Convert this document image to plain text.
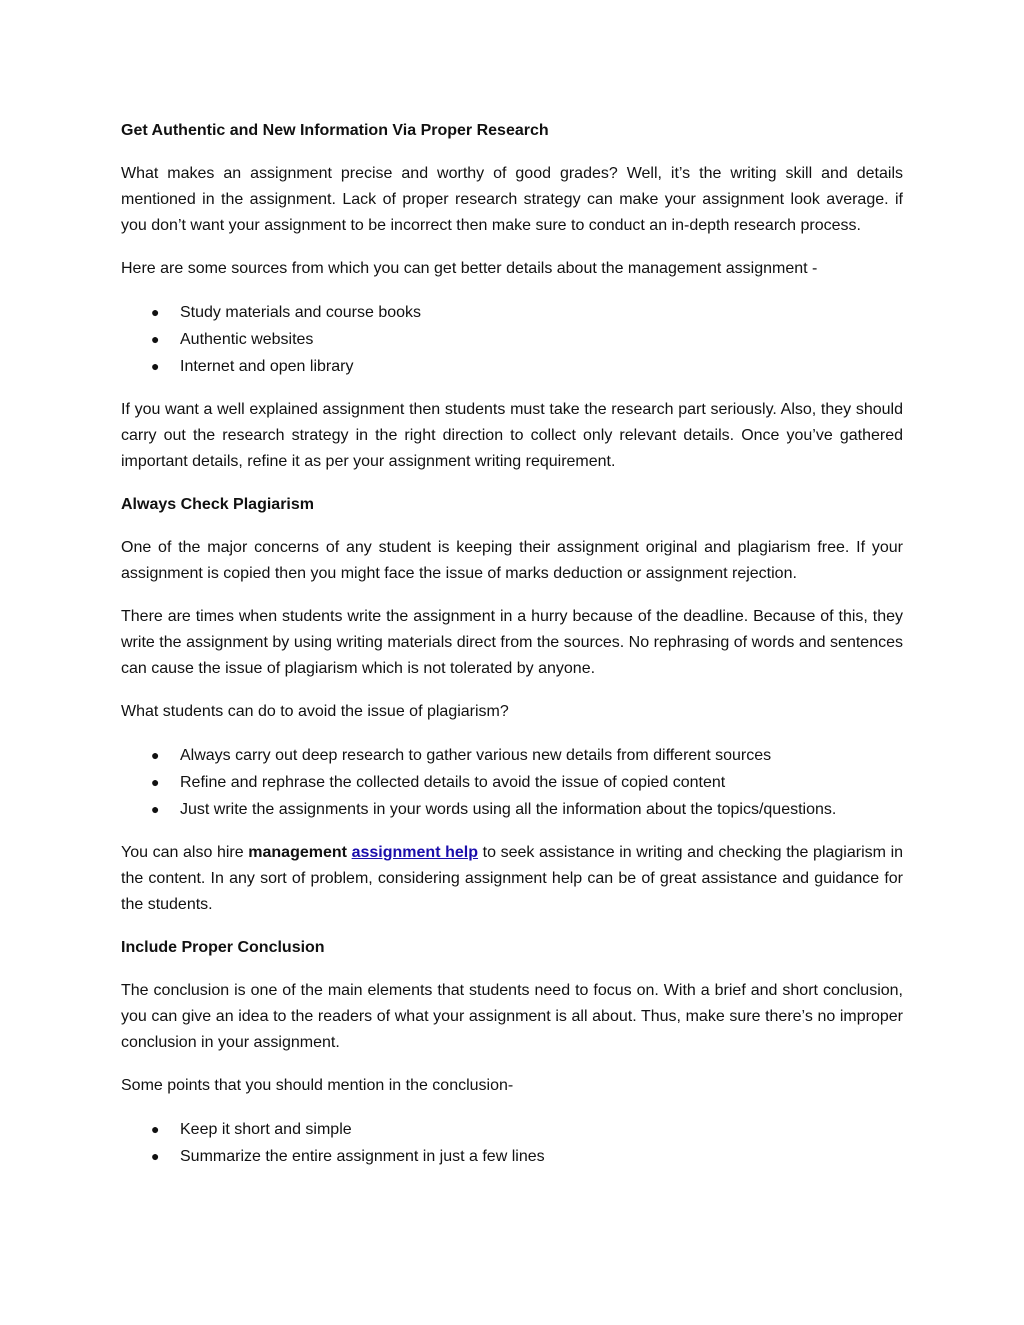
Get Authentic and New Information Via Proper Research

What makes an assignment precise and worthy of good grades? Well, it’s the writing skill and details mentioned in the assignment. Lack of proper research strategy can make your assignment look average. if you don’t want your assignment to be incorrect then make sure to conduct an in-depth research process.

Here are some sources from which you can get better details about the management assignment -

● Study materials and course books
● Authentic websites
● Internet and open library

If you want a well explained assignment then students must take the research part seriously. Also, they should carry out the research strategy in the right direction to collect only relevant details. Once you’ve gathered important details, refine it as per your assignment writing requirement.

Always Check Plagiarism

One of the major concerns of any student is keeping their assignment original and plagiarism free. If your assignment is copied then you might face the issue of marks deduction or assignment rejection.

There are times when students write the assignment in a hurry because of the deadline. Because of this, they write the assignment by using writing materials direct from the sources. No rephrasing of words and sentences can cause the issue of plagiarism which is not tolerated by anyone.

What students can do to avoid the issue of plagiarism?

● Always carry out deep research to gather various new details from different sources
● Refine and rephrase the collected details to avoid the issue of copied content
● Just write the assignments in your words using all the information about the topics/questions.

You can also hire management assignment help to seek assistance in writing and checking the plagiarism in the content. In any sort of problem, considering assignment help can be of great assistance and guidance for the students.

Include Proper Conclusion

The conclusion is one of the main elements that students need to focus on. With a brief and short conclusion, you can give an idea to the readers of what your assignment is all about. Thus, make sure there’s no improper conclusion in your assignment.

Some points that you should mention in the conclusion-

● Keep it short and simple
● Summarize the entire assignment in just a few lines
